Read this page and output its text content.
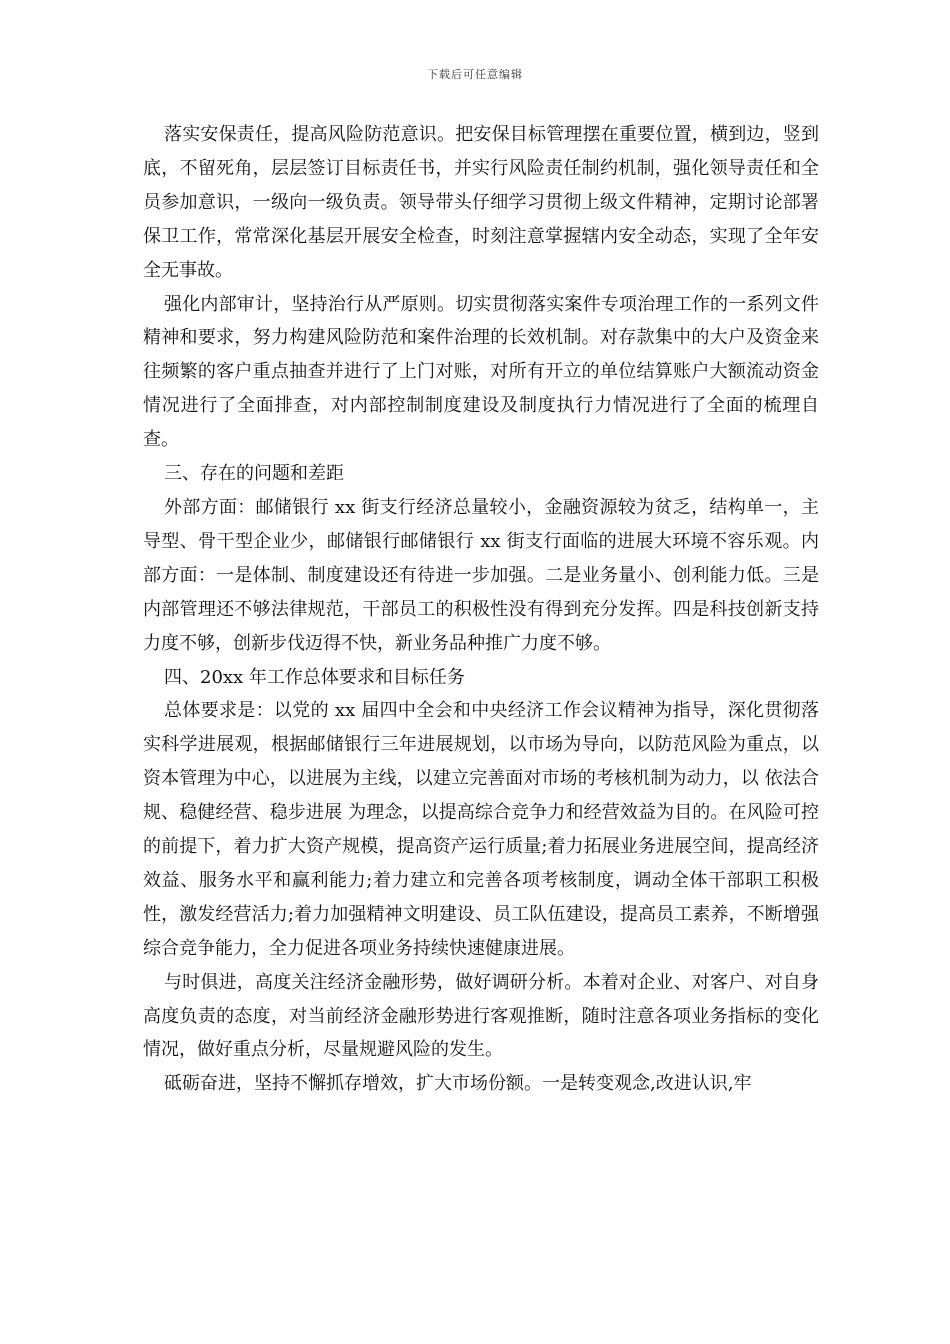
下载后可任意编辑

落实安保责任，提高风险防范意识。把安保目标管理摆在重要位置，横到边，竖到底，不留死角，层层签订目标责任书，并实行风险责任制约机制，强化领导责任和全员参加意识，一级向一级负责。领导带头仔细学习贯彻上级文件精神，定期讨论部署保卫工作，常常深化基层开展安全检查，时刻注意掌握辖内安全动态，实现了全年安全无事故。

强化内部审计，坚持治行从严原则。切实贯彻落实案件专项治理工作的一系列文件精神和要求，努力构建风险防范和案件治理的长效机制。对存款集中的大户及资金来往频繁的客户重点抽查并进行了上门对账，对所有开立的单位结算账户大额流动资金情况进行了全面排查，对内部控制制度建设及制度执行力情况进行了全面的梳理自查。

三、存在的问题和差距

外部方面：邮储银行 xx 街支行经济总量较小，金融资源较为贫乏，结构单一，主导型、骨干型企业少，邮储银行邮储银行 xx 街支行面临的进展大环境不容乐观。内部方面：一是体制、制度建设还有待进一步加强。二是业务量小、创利能力低。三是内部管理还不够法律规范，干部员工的积极性没有得到充分发挥。四是科技创新支持力度不够，创新步伐迈得不快，新业务品种推广力度不够。

四、20xx 年工作总体要求和目标任务

总体要求是：以党的 xx 届四中全会和中央经济工作会议精神为指导，深化贯彻落实科学进展观，根据邮储银行三年进展规划，以市场为导向，以防范风险为重点，以资本管理为中心，以进展为主线，以建立完善面对市场的考核机制为动力，以 依法合规、稳健经营、稳步进展 为理念，以提高综合竞争力和经营效益为目的。在风险可控的前提下，着力扩大资产规模，提高资产运行质量;着力拓展业务进展空间，提高经济效益、服务水平和赢利能力;着力建立和完善各项考核制度，调动全体干部职工积极性，激发经营活力;着力加强精神文明建设、员工队伍建设，提高员工素养，不断增强综合竞争能力，全力促进各项业务持续快速健康进展。

与时俱进，高度关注经济金融形势，做好调研分析。本着对企业、对客户、对自身高度负责的态度，对当前经济金融形势进行客观推断，随时注意各项业务指标的变化情况，做好重点分析，尽量规避风险的发生。

砥砺奋进，坚持不懈抓存增效，扩大市场份额。一是转变观念,改进认识,牢
